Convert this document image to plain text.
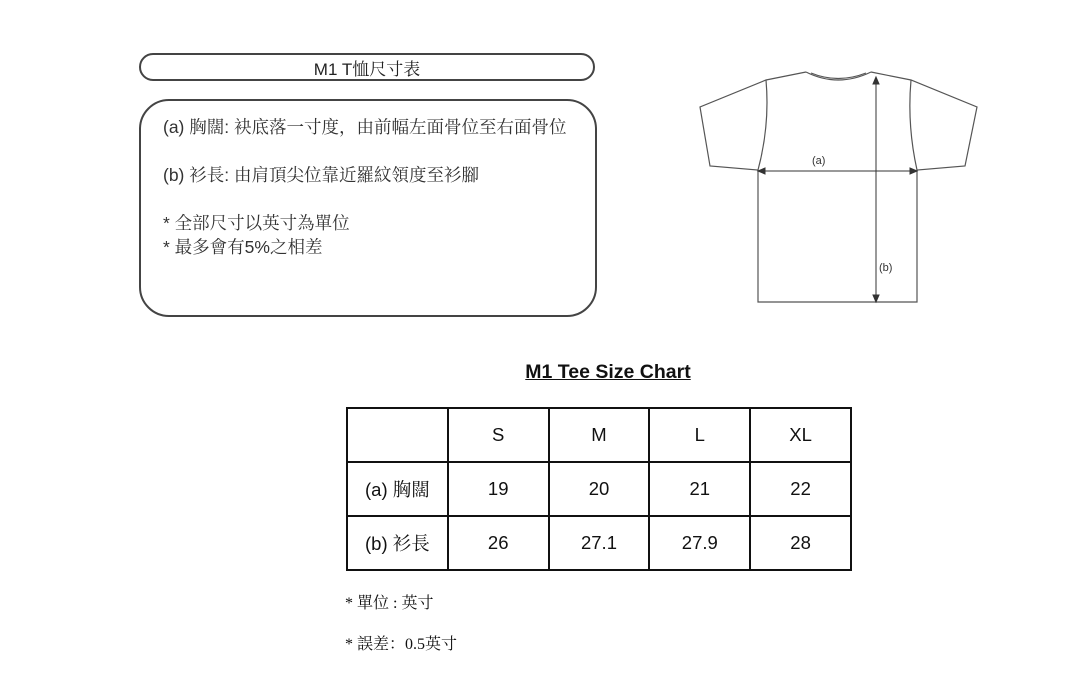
M1 T恤尺寸表
(a) 胸闊: 袂底落一寸度，由前幅左面骨位至右面骨位
(b) 衫長: 由肩頂尖位靠近羅紋領度至衫腳
* 全部尺寸以英寸為單位
* 最多會有5%之相差
(a)
(b)
M1 Tee Size Chart
	S	M	L	XL
(a) 胸闊	19	20	21	22
(b) 衫長	26	27.1	27.9	28
* 單位 : 英寸
* 誤差：0.5英寸
